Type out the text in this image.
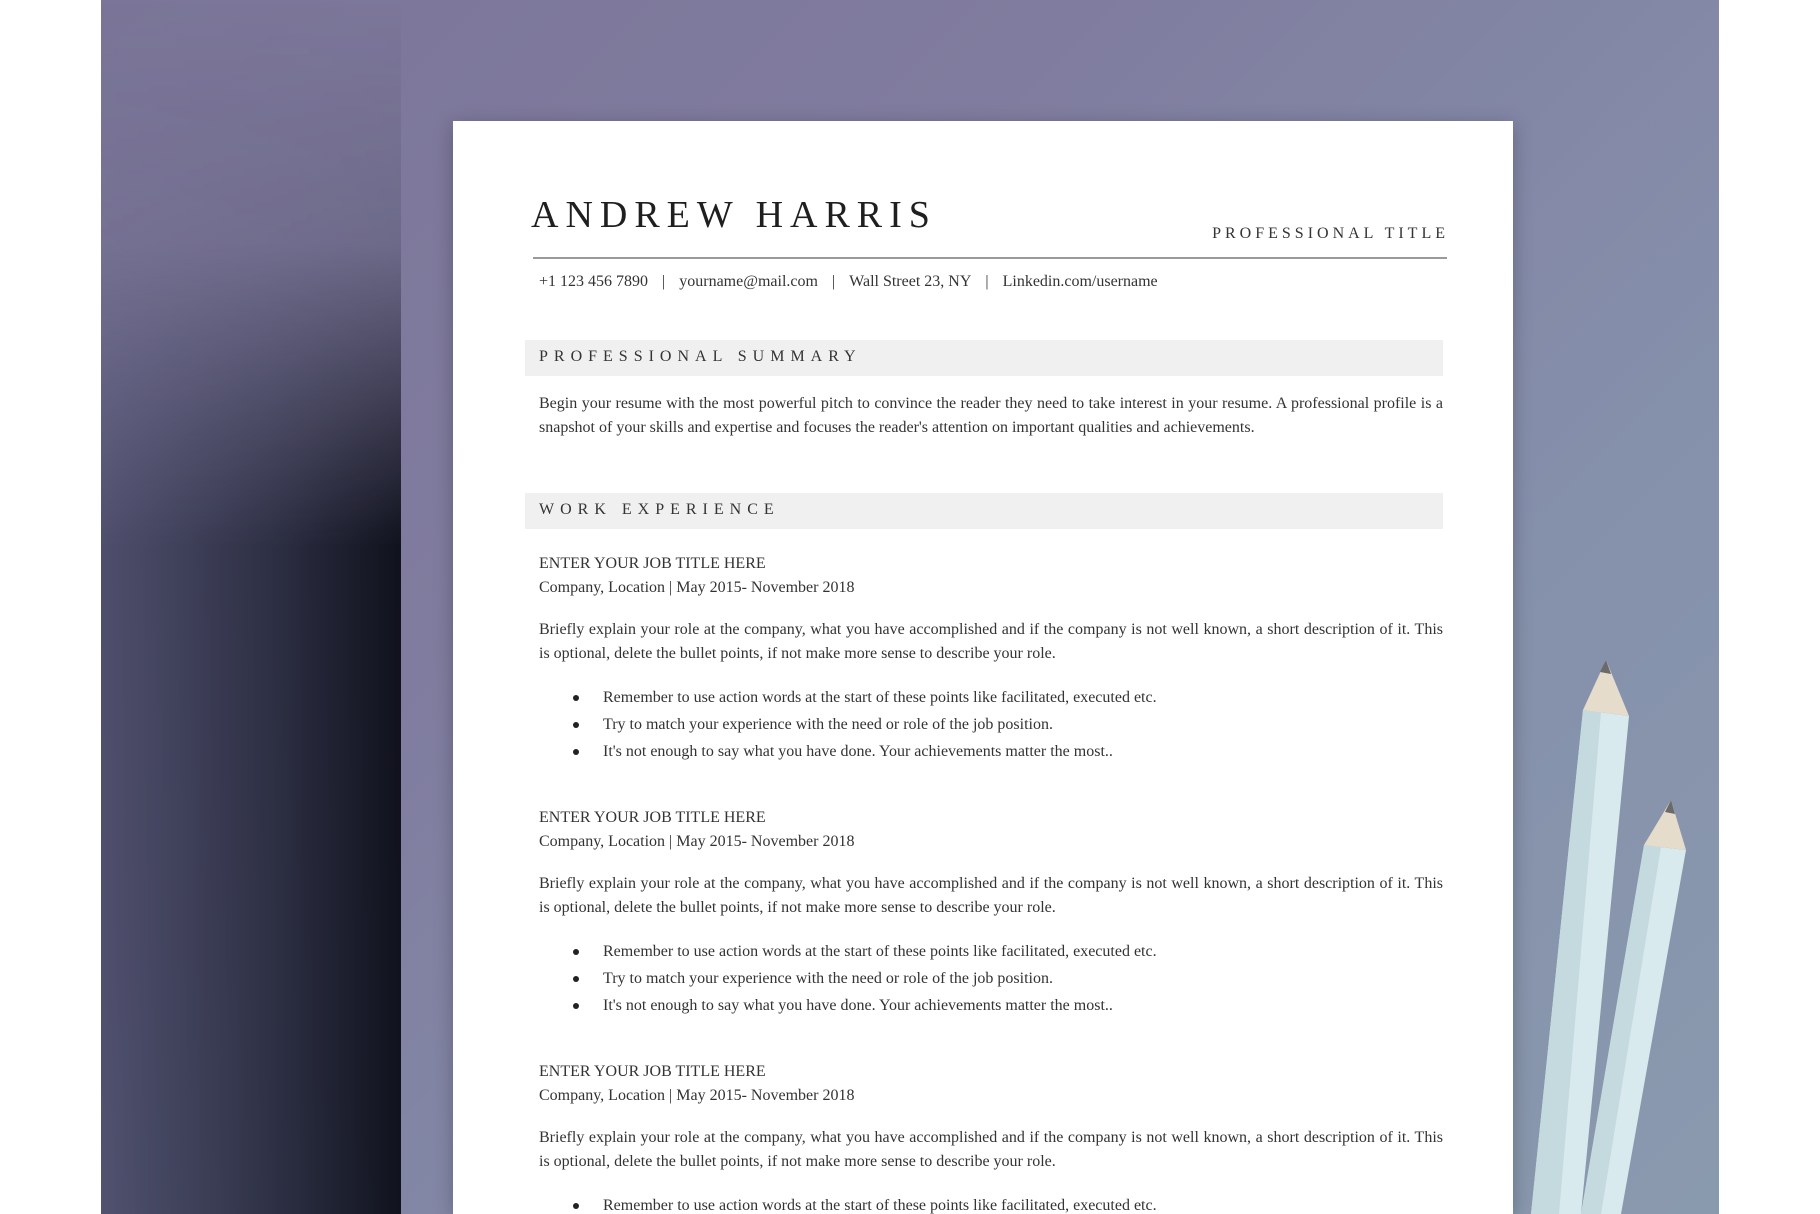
ANDREW HARRIS	PROFESSIONAL TITLE
+1 123 456 7890 | yourname@mail.com | Wall Street 23, NY | Linkedin.com/username
PROFESSIONAL SUMMARY
Begin your resume with the most powerful pitch to convince the reader they need to take interest in your resume. A professional profile is a snapshot of your skills and expertise and focuses the reader's attention on important qualities and achievements.
WORK EXPERIENCE
ENTER YOUR JOB TITLE HERE
Company, Location | May 2015- November 2018
Briefly explain your role at the company, what you have accomplished and if the company is not well known, a short description of it. This is optional, delete the bullet points, if not make more sense to describe your role.
Remember to use action words at the start of these points like facilitated, executed etc.
Try to match your experience with the need or role of the job position.
It's not enough to say what you have done. Your achievements matter the most..
ENTER YOUR JOB TITLE HERE
Company, Location | May 2015- November 2018
Briefly explain your role at the company, what you have accomplished and if the company is not well known, a short description of it. This is optional, delete the bullet points, if not make more sense to describe your role.
Remember to use action words at the start of these points like facilitated, executed etc.
Try to match your experience with the need or role of the job position.
It's not enough to say what you have done. Your achievements matter the most..
ENTER YOUR JOB TITLE HERE
Company, Location | May 2015- November 2018
Briefly explain your role at the company, what you have accomplished and if the company is not well known, a short description of it. This is optional, delete the bullet points, if not make more sense to describe your role.
Remember to use action words at the start of these points like facilitated, executed etc.
